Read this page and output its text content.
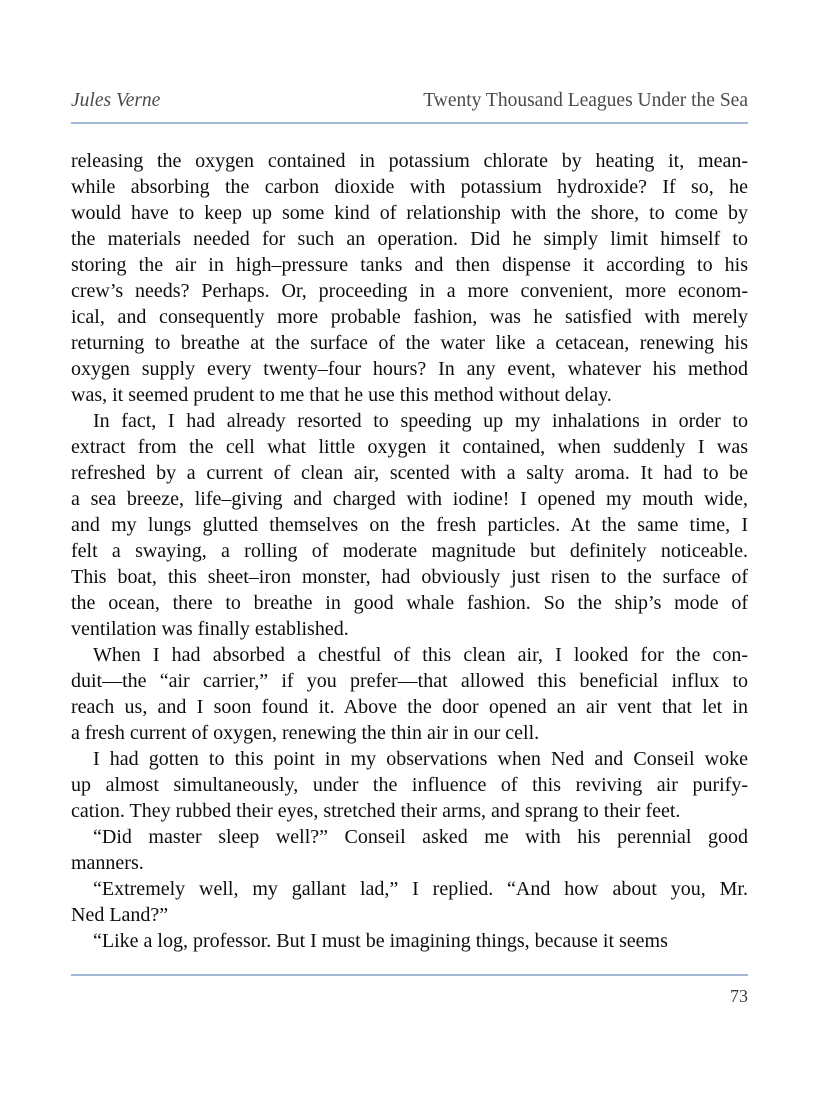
Jules Verne	Twenty Thousand Leagues Under the Sea
releasing the oxygen contained in potassium chlorate by heating it, mean-
while absorbing the carbon dioxide with potassium hydroxide? If so, he
would have to keep up some kind of relationship with the shore, to come by
the materials needed for such an operation. Did he simply limit himself to
storing the air in high–pressure tanks and then dispense it according to his
crew’s needs? Perhaps. Or, proceeding in a more convenient, more econom-
ical, and consequently more probable fashion, was he satisfied with merely
returning to breathe at the surface of the water like a cetacean, renewing his
oxygen supply every twenty–four hours? In any event, whatever his method
was, it seemed prudent to me that he use this method without delay.
In fact, I had already resorted to speeding up my inhalations in order to
extract from the cell what little oxygen it contained, when suddenly I was
refreshed by a current of clean air, scented with a salty aroma. It had to be
a sea breeze, life–giving and charged with iodine! I opened my mouth wide,
and my lungs glutted themselves on the fresh particles. At the same time, I
felt a swaying, a rolling of moderate magnitude but definitely noticeable.
This boat, this sheet–iron monster, had obviously just risen to the surface of
the ocean, there to breathe in good whale fashion. So the ship’s mode of
ventilation was finally established.
When I had absorbed a chestful of this clean air, I looked for the con-
duit—the “air carrier,” if you prefer—that allowed this beneficial influx to
reach us, and I soon found it. Above the door opened an air vent that let in
a fresh current of oxygen, renewing the thin air in our cell.
I had gotten to this point in my observations when Ned and Conseil woke
up almost simultaneously, under the influence of this reviving air purify-
cation. They rubbed their eyes, stretched their arms, and sprang to their feet.
“Did master sleep well?” Conseil asked me with his perennial good
manners.
“Extremely well, my gallant lad,” I replied. “And how about you, Mr.
Ned Land?”
“Like a log, professor. But I must be imagining things, because it seems
73
